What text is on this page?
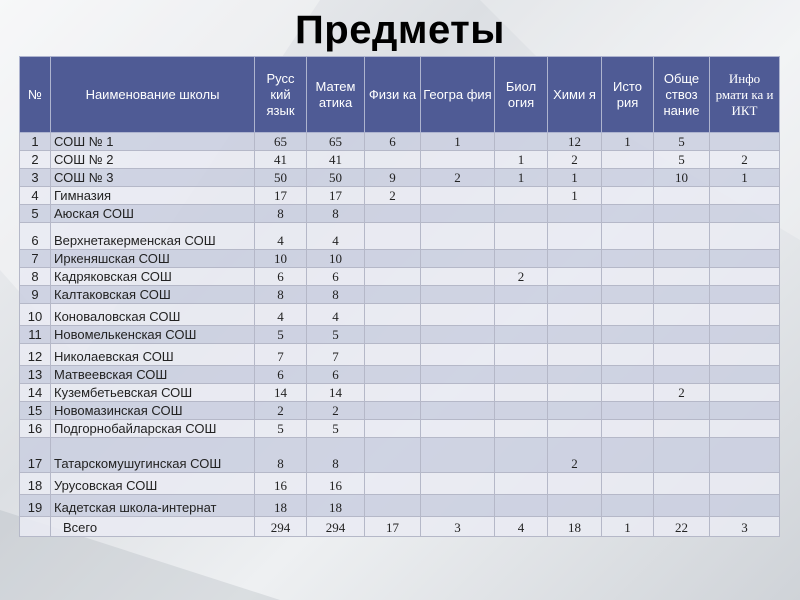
Предметы
№	Наименование школы	Русс кий язык	Матем атика	Физи ка	Геогра фия	Биол огия	Хими я	Исто рия	Обще ствоз нание	Инфо рмати ка и ИКТ
1	СОШ № 1	65	65	6	1		12	1	5	
2	СОШ № 2	41	41			1	2		5	2
3	СОШ № 3	50	50	9	2	1	1		10	1
4	Гимназия	17	17	2			1			
5	Аюская СОШ	8	8							
6	Верхнетакерменская СОШ	4	4							
7	Иркеняшская СОШ	10	10							
8	Кадряковская СОШ	6	6			2				
9	Калтаковская СОШ	8	8							
10	Коноваловская СОШ	4	4							
11	Новомелькенская СОШ	5	5							
12	Николаевская СОШ	7	7							
13	Матвеевская СОШ	6	6							
14	Кузембетьевская СОШ	14	14						2	
15	Новомазинская СОШ	2	2							
16	Подгорнобайларская СОШ	5	5							
17	Татарскомушугинская СОШ	8	8				2			
18	Урусовская СОШ	16	16							
19	Кадетская школа-интернат	18	18							
	Всего	294	294	17	3	4	18	1	22	3
